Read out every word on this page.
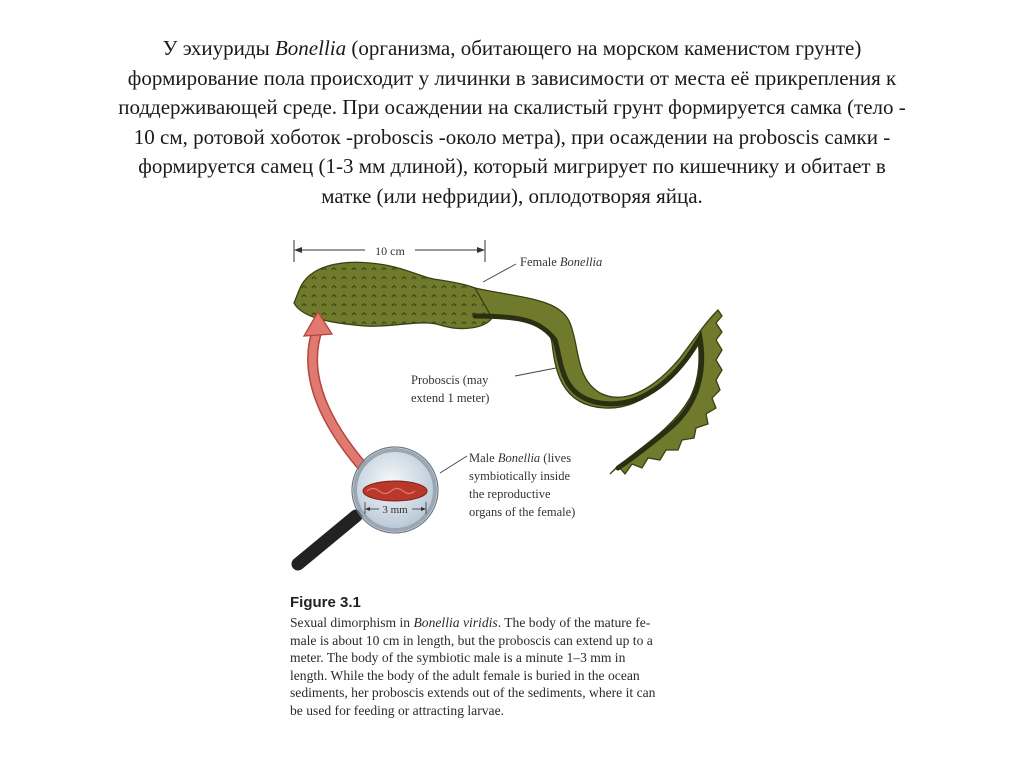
У эхиуриды Bonellia (организма, обитающего на морском каменистом грунте)
формирование пола происходит у личинки в зависимости от места её прикрепления к
поддерживающей среде. При осаждении на скалистый грунт формируется самка (тело -
10 см, ротовой хоботок -proboscis -около метра), при осаждении на proboscis самки -
формируется самец (1-3 мм длиной), который мигрирует по кишечнику и обитает в
матке (или нефридии), оплодотворяя яйца.
10 cm
Female Bonellia
Proboscis (may extend 1 meter)
Male Bonellia (lives symbiotically inside the reproductive organs of the female)
3 mm
Figure 3.1
Sexual dimorphism in Bonellia viridis. The body of the mature fe-
male is about 10 cm in length, but the proboscis can extend up to a
meter. The body of the symbiotic male is a minute 1–3 mm in
length. While the body of the adult female is buried in the ocean
sediments, her proboscis extends out of the sediments, where it can
be used for feeding or attracting larvae.
